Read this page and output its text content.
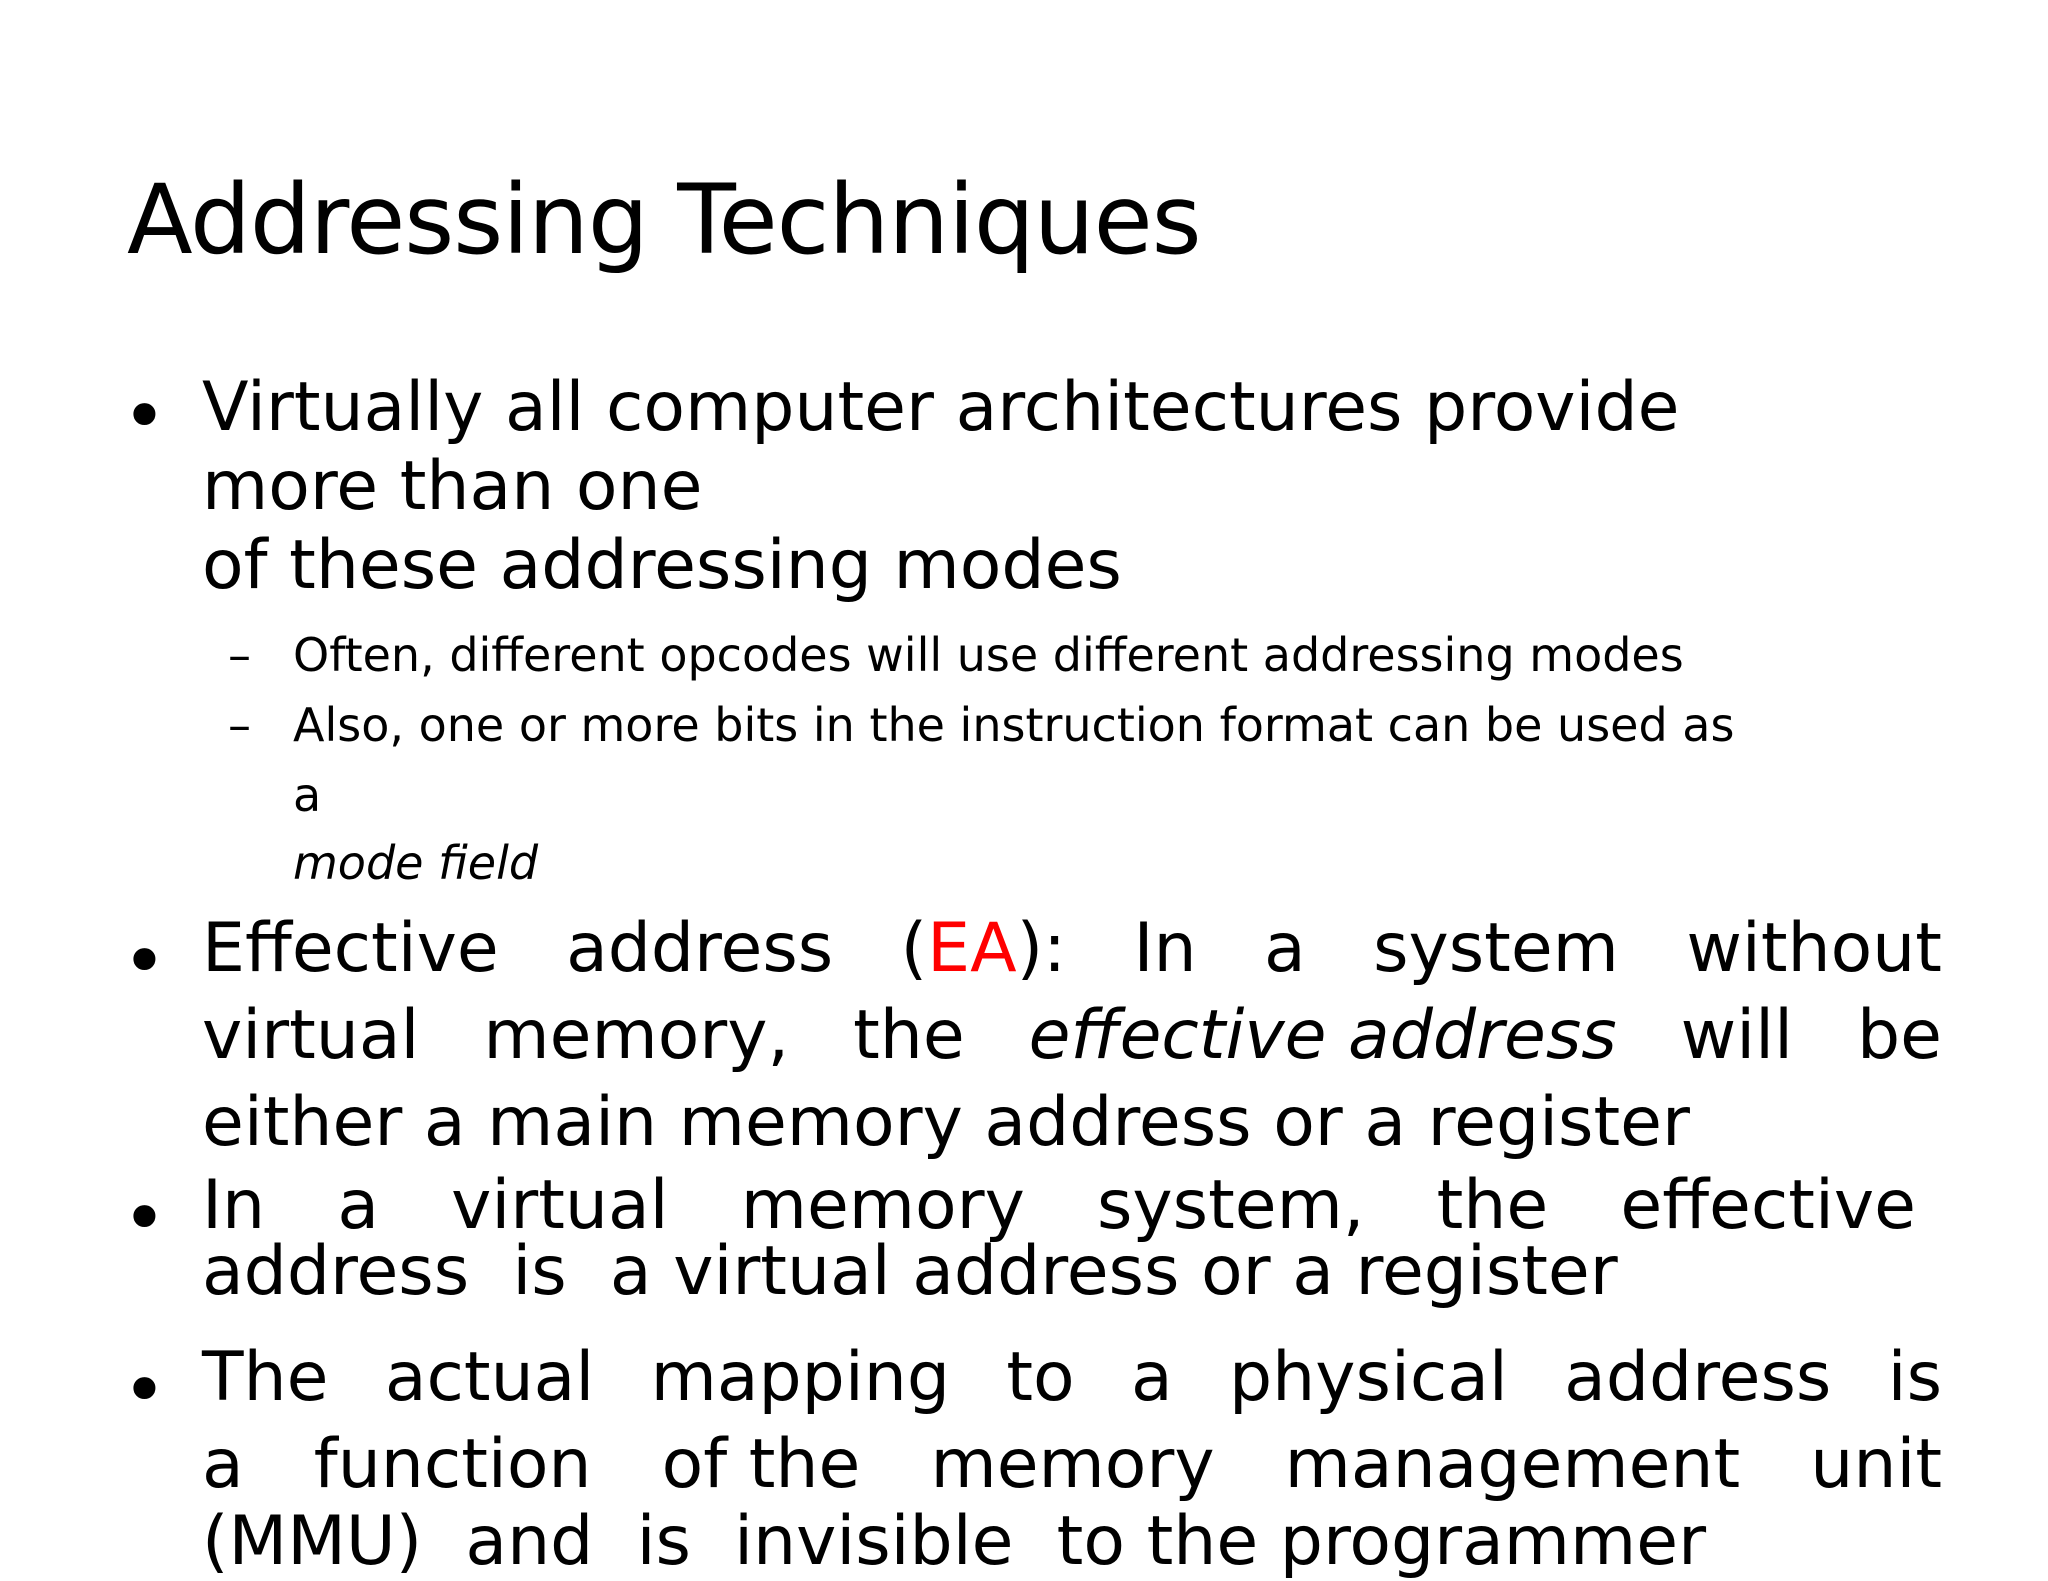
Addressing Techniques
• Virtually all computer architectures provide
more than one
of these addressing modes
– Often, different opcodes will use different addressing modes
– Also, one or more bits in the instruction format can be used as
a
mode field
• Effective address (EA): In a system without
virtual memory, the effective address will be
either a main memory address or a register
• In a virtual memory system, the effective
address  is  a virtual address or a register
• The actual mapping to a physical address is
a function of the memory management unit
(MMU)  and  is  invisible  to the programmer
